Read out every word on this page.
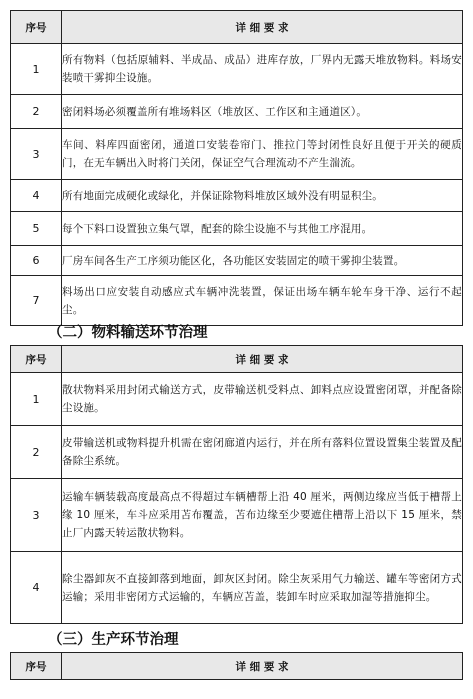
序号	详 细 要 求
1	所有物料（包括原辅料、半成品、成品）进库存放，厂界内无露天堆放物料。料场安装喷干雾抑尘设施。
2	密闭料场必须覆盖所有堆场料区（堆放区、工作区和主通道区）。
3	车间、料库四面密闭，通道口安装卷帘门、推拉门等封闭性良好且便于开关的硬质门，在无车辆出入时将门关闭，保证空气合理流动不产生湍流。
4	所有地面完成硬化或绿化，并保证除物料堆放区域外没有明显积尘。
5	每个下料口设置独立集气罩，配套的除尘设施不与其他工序混用。
6	厂房车间各生产工序须功能区化，各功能区安装固定的喷干雾抑尘装置。
7	料场出口应安装自动感应式车辆冲洗装置，保证出场车辆车轮车身干净、运行不起尘。
（二）物料输送环节治理
序号	详 细 要 求
1	散状物料采用封闭式输送方式，皮带输送机受料点、卸料点应设置密闭罩，并配备除尘设施。
2	皮带输送机或物料提升机需在密闭廊道内运行，并在所有落料位置设置集尘装置及配备除尘系统。
3	运输车辆装载高度最高点不得超过车辆槽帮上沿 40 厘米，两侧边缘应当低于槽帮上缘 10 厘米，车斗应采用苫布覆盖，苫布边缘至少要遮住槽帮上沿以下 15 厘米，禁止厂内露天转运散状物料。
4	除尘器卸灰不直接卸落到地面，卸灰区封闭。除尘灰采用气力输送、罐车等密闭方式运输；采用非密闭方式运输的，车辆应苫盖，装卸车时应采取加湿等措施抑尘。
（三）生产环节治理
序号	详 细 要 求
